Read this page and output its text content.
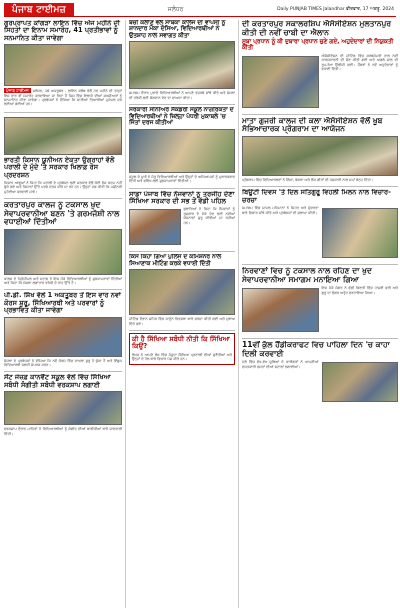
ਪੰਜਾਬ ਟਾਈਮਜ਼	ਜਲੰਧਰ	Daily PUNJAB TIMES Jalandhar ਵੀਰਵਾਰ, 17 ਅਕਤੂ. 2024
ਗੁਰਪ੍ਰਾਪਤ ਕਾਂਗੜਾ ਲਾਇਨ ਵਿੱਚ ਅੱਜ ਮਹੀਨੇ ਦੀ ਸਿਹਤਾਂ ਦਾ ਇਨਾਮ ਸਮਾਰੋਹ, 41 ਪ੍ਰਤੀਭਾਵਾਂ ਨੂੰ ਸਨਮਾਨਿਤ ਕੀਤਾ ਜਾਵੇਗਾ

ਪੰਜਾਬ ਟਾਈਮਜ਼ ਜਲੰਧਰ, 16 ਅਕਤੂਬਰ - ਲਾਇਨ ਕਲੱਬ ਵੱਲੋਂ ਹਰ ਮਹੀਨੇ ਦੀ ਤਰ੍ਹਾਂ ਇਸ ਵਾਰ ਵੀ ਸਮਾਰੋਹ ਕਰਵਾਇਆ ਜਾ ਰਿਹਾ ਹੈ ਜਿਸ ਵਿੱਚ ਇਲਾਕੇ ਦੀਆਂ ਸ਼ਖਸੀਅਤਾਂ ਨੂੰ ਸਨਮਾਨਿਤ ਕੀਤਾ ਜਾਵੇਗਾ। ਪ੍ਰਬੰਧਕਾਂ ਨੇ ਦੱਸਿਆ ਕਿ ਸਾਰੀਆਂ ਤਿਆਰੀਆਂ ਮੁਕੰਮਲ ਕਰ ਲਈਆਂ ਗਈਆਂ ਹਨ।

ਭਾਰਤੀ ਕਿਸਾਨ ਯੂਨੀਅਨ ਏਕਤਾ ਉਗਰਾਹਾਂ ਵੱਲੋਂ ਪਰਾਲੀ ਦੇ ਮੁੱਦੇ 'ਤੇ ਸਰਕਾਰ ਖਿਲਾਫ਼ ਰੋਸ ਪ੍ਰਦਰਸ਼ਨ
ਕਿਸਾਨ ਆਗੂਆਂ ਨੇ ਕਿਹਾ ਕਿ ਪਰਾਲੀ ਦੇ ਪ੍ਰਬੰਧਨ ਲਈ ਸਰਕਾਰ ਵੱਲੋਂ ਕੋਈ ਠੋਸ ਕਦਮ ਨਹੀਂ ਚੁੱਕੇ ਗਏ ਅਤੇ ਕਿਸਾਨਾਂ ਉੱਤੇ ਪਰਚੇ ਦਰਜ ਕੀਤੇ ਜਾ ਰਹੇ ਹਨ। ਉਨ੍ਹਾਂ ਮੰਗ ਕੀਤੀ ਕਿ ਮਸ਼ੀਨਰੀ ਮੁਹੱਈਆ ਕਰਵਾਈ ਜਾਵੇ।
ਕਰਤਾਰਪੁਰ ਕਾਲਜ ਨੂੰ ਟਕਸਾਲ ਖੁਦ ਸੇਵਾਪਰਵਾਨੀਆ ਬਣਨ 'ਤੇ ਗਰਮਜੋਸ਼ੀ ਨਾਲ ਵਧਾਈਆਂ ਦਿੱਤੀਆਂ
ਕਾਲਜ ਦੇ ਪ੍ਰਿੰਸੀਪਲ ਅਤੇ ਸਟਾਫ਼ ਨੇ ਇਸ ਮੌਕੇ ਵਿਦਿਆਰਥੀਆਂ ਨੂੰ ਸ਼ੁਭਕਾਮਨਾਵਾਂ ਦਿੱਤੀਆਂ ਅਤੇ ਕਿਹਾ ਕਿ ਸੰਸਥਾ ਲਗਾਤਾਰ ਤਰੱਕੀ ਦੇ ਰਾਹ ਉੱਤੇ ਹੈ।
ਪੀ.ਡੀ. ਸ਼ਿੱਖ ਵੱਲੋਂ 1 ਅਕਤੂਬਰ ਤੋਂ ਇਸ ਵਾਰ ਨਵਾਂ ਕੋਰਸ ਸ਼ੁਰੂ, ਸਿੱਖਿਆਰਥੀ ਅਤੇ ਪਰਵਾਰਾਂ ਨੂੰ ਪ੍ਰਭਾਵਿਤ ਕੀਤਾ ਜਾਵੇਗਾ
ਸੰਸਥਾ ਦੇ ਪ੍ਰਬੰਧਕਾਂ ਨੇ ਦੱਸਿਆ ਕਿ ਨਵੇਂ ਕੋਰਸ ਵਿੱਚ ਦਾਖਲਾ ਸ਼ੁਰੂ ਹੋ ਚੁੱਕਾ ਹੈ ਅਤੇ ਇੱਛੁਕ ਵਿਦਿਆਰਥੀ ਜਲਦੀ ਸੰਪਰਕ ਕਰਨ।
ਸੇਂਟ ਜੋਜ਼ਫ਼ ਕਾਨਵੈਂਟ ਸਕੂਲ ਵੱਲੋਂ ਵਿੱਚ ਸਿੱਖਿਆ ਸਬੰਧੀ ਸੰਗੀਤੀ ਸਬੰਧੀ ਵਰਕਸ਼ਾਪ ਲਗਾਈ
ਵਰਕਸ਼ਾਪ ਦੌਰਾਨ ਮਾਹਿਰਾਂ ਨੇ ਵਿਦਿਆਰਥੀਆਂ ਨੂੰ ਸੰਗੀਤ ਦੀਆਂ ਬਾਰੀਕੀਆਂ ਬਾਰੇ ਜਾਣਕਾਰੀ ਦਿੱਤੀ।
ਬੱਚੀ ਕਲਾਣ ਵੱਲ ਸਾਬਕਾ ਕਾਲਜ ਦੀ ਵਾਪਸੀ ਨੂੰ ਸ਼ਾਨਦਾਰ ਮੌਕਾ ਦੱਸਿਆ, ਵਿਦਿਆਰਥੀਆਂ ਨੇ ਉਤਸ਼ਾਹ ਨਾਲ ਸਵਾਗਤ ਕੀਤਾ
ਸਮਾਗਮ ਦੌਰਾਨ ਪੁਰਾਣੇ ਵਿਦਿਆਰਥੀਆਂ ਨੇ ਆਪਣੇ ਤਜ਼ਰਬੇ ਸਾਂਝੇ ਕੀਤੇ ਅਤੇ ਸੰਸਥਾ ਦੀ ਤਰੱਕੀ ਲਈ ਯੋਗਦਾਨ ਦੇਣ ਦਾ ਵਾਅਦਾ ਕੀਤਾ।
ਸਰਕਾਰੀ ਸੀਨੀਅਰ ਸੈਕੰਡਰੀ ਸਕੂਲ ਨਾਗਰਿਕਤਾ ਦੇ ਵਿਦਿਆਰਥੀਆਂ ਨੇ ਜ਼ਿਲ੍ਹਾ ਪੱਧਰੀ ਮੁਕਾਬਲੇ 'ਚ ਜਿੱਤਾਂ ਦਰਜ ਕੀਤੀਆਂ
ਸਕੂਲ ਦੇ ਮੁਖੀ ਨੇ ਜੇਤੂ ਵਿਦਿਆਰਥੀਆਂ ਅਤੇ ਉਨ੍ਹਾਂ ਦੇ ਅਧਿਆਪਕਾਂ ਨੂੰ ਮੁਬਾਰਕਬਾਦ ਦਿੱਤੀ ਅਤੇ ਭਵਿੱਖ ਲਈ ਸ਼ੁਭਕਾਮਨਾਵਾਂ ਦਿੱਤੀਆਂ।
ਸਾਡਾ ਪੰਜਾਬ ਵਿੱਚ ਨੌਜਵਾਨਾਂ ਨੂੰ ਤਰਜੀਹ ਦੇਣਾ ਸਿੱਖਿਆ ਸਰਕਾਰ ਦੀ ਸਭ ਤੋਂ ਵੱਡੀ ਪਹਿਲ
ਬੁਲਾਰਿਆਂ ਨੇ ਕਿਹਾ ਕਿ ਨੌਜਵਾਨਾਂ ਨੂੰ ਰੁਜ਼ਗਾਰ ਦੇ ਮੌਕੇ ਦੇਣ ਲਈ ਨਵੀਆਂ ਯੋਜਨਾਵਾਂ ਸ਼ੁਰੂ ਕੀਤੀਆਂ ਜਾ ਰਹੀਆਂ ਹਨ।
ਕਿਸ ਕਿਹਾ ਗਿਆ ਪੁਲਿਸ ਦੇ ਕਮਿਸ਼ਨਰ ਨਾਲ ਸਿਆਣਾਕ ਮੀਟਿੰਗ ਕਰਕੇ ਵਧਾਈ ਦਿੱਤੀ
ਮੀਟਿੰਗ ਦੌਰਾਨ ਸ਼ਹਿਰ ਵਿੱਚ ਕਾਨੂੰਨ ਵਿਵਸਥਾ ਬਾਰੇ ਚਰਚਾ ਕੀਤੀ ਗਈ ਅਤੇ ਸੁਝਾਅ ਦਿੱਤੇ ਗਏ।
ਕੀ ਹੈ ਸਿੱਖਿਆ ਸਬੰਧੀ ਨੀਤੀ ਕਿ ਸਿੱਖਿਆ ਕਿਉਂ?
ਲੇਖਕ ਨੇ ਆਪਣੇ ਲੇਖ ਵਿੱਚ ਮੌਜੂਦਾ ਸਿੱਖਿਆ ਪ੍ਰਣਾਲੀ ਦੀਆਂ ਚੁਣੌਤੀਆਂ ਅਤੇ ਉਨ੍ਹਾਂ ਦੇ ਹੱਲ ਬਾਰੇ ਵਿਚਾਰ ਪੇਸ਼ ਕੀਤੇ ਹਨ।
ਦੀ ਕਰਤਾਰਪੁਰ ਸਕਾਲਰਸ਼ਿਪ ਐਸੋਸੀਏਸ਼ਨ ਮੁਲਤਾਨਪੁਰ ਕੀਤੀ ਦੀ ਨਵੀਂ ਚਾਬੀ ਦਾ ਐਲਾਨ
ਸੂਬਾ ਪ੍ਰਧਾਨ ਨੂੰ ਕੀ ਦੁਬਾਰਾ ਪ੍ਰਧਾਨ ਚੁਣੇ ਗਏ, ਅਹੁਦੇਦਾਰਾਂ ਦੀ ਨਿਯੁਕਤੀ ਕੀਤੀ
ਐਸੋਸੀਏਸ਼ਨ ਦੀ ਮੀਟਿੰਗ ਵਿੱਚ ਸਰਬਸੰਮਤੀ ਨਾਲ ਨਵੀਂ ਕਾਰਜਕਾਰਨੀ ਦੀ ਚੋਣ ਕੀਤੀ ਗਈ ਅਤੇ ਅਗਲੇ ਸਾਲ ਦੀ ਰੂਪ-ਰੇਖਾ ਉਲੀਕੀ ਗਈ। ਮੈਂਬਰਾਂ ਨੇ ਨਵੇਂ ਅਹੁਦੇਦਾਰਾਂ ਨੂੰ ਵਧਾਈ ਦਿੱਤੀ।
ਮਾਤਾ ਗੁਜਰੀ ਕਾਲਜ ਦੀ ਕਲਾ ਐਸੋਸੀਏਸ਼ਨ ਵੱਲੋਂ ਖੂਬ ਸੱਭਿਆਚਾਰਕ ਪ੍ਰੋਗਰਾਮ ਦਾ ਆਯੋਜਨ
ਪ੍ਰੋਗਰਾਮ ਵਿੱਚ ਵਿਦਿਆਰਥਣਾਂ ਨੇ ਗਿੱਧਾ, ਭੰਗੜਾ ਅਤੇ ਲੋਕ ਗੀਤਾਂ ਦੀ ਪੇਸ਼ਕਾਰੀ ਨਾਲ ਸਮਾਂ ਬੰਨ੍ਹ ਦਿੱਤਾ।
ਬਿਊਟੀ ਦਿਵਸ 'ਤੇ ਦਿਲ ਸਤਿਗੁਰੂ ਵਿਹਲੀ ਮਿਲਨ ਨਾਲ ਵਿਚਾਰ-ਚਰਚਾ
ਸਮਾਗਮ ਵਿੱਚ ਸ਼ਾਮਲ ਮਹਿਮਾਨਾਂ ਨੇ ਸਿਹਤ ਅਤੇ ਸੁੰਦਰਤਾ ਬਾਰੇ ਵਿਚਾਰ ਸਾਂਝੇ ਕੀਤੇ ਅਤੇ ਪ੍ਰਬੰਧਕਾਂ ਦੀ ਸ਼ਲਾਘਾ ਕੀਤੀ।
ਨਿਰਵਾਣਾਂ ਵਿਚ ਨੂੰ ਟਕਸਾਲ ਨਾਲ ਰਹਿਣ ਦਾ ਖੁਦ ਸੇਵਾਪਰਵਾਨੀਆ ਸਮਾਗਮ ਮਨਾਇਆ ਗਿਆ
ਇਸ ਮੌਕੇ ਸੰਗਤ ਨੇ ਵੱਡੀ ਗਿਣਤੀ ਵਿੱਚ ਹਾਜ਼ਰੀ ਭਰੀ ਅਤੇ ਗੁਰੂ ਦਾ ਲੰਗਰ ਅਤੁੱਟ ਵਰਤਾਇਆ ਗਿਆ।
11ਵੀਂ ਕੁੱਲ ਹੈਂਡੀਕਰਾਫਟ ਵਿਚ ਪਾਹਿਲਾ ਦਿਨ 'ਚ ਕਾਹਾ ਦਿਲੀ ਕਰਵਾਈ
ਮੇਲੇ ਵਿੱਚ ਵੱਖ-ਵੱਖ ਸੂਬਿਆਂ ਦੇ ਕਾਰੀਗਰਾਂ ਨੇ ਆਪਣੀਆਂ ਦਸਤਕਾਰੀ ਵਸਤਾਂ ਦੀਆਂ ਸਟਾਲਾਂ ਲਗਾਈਆਂ।
